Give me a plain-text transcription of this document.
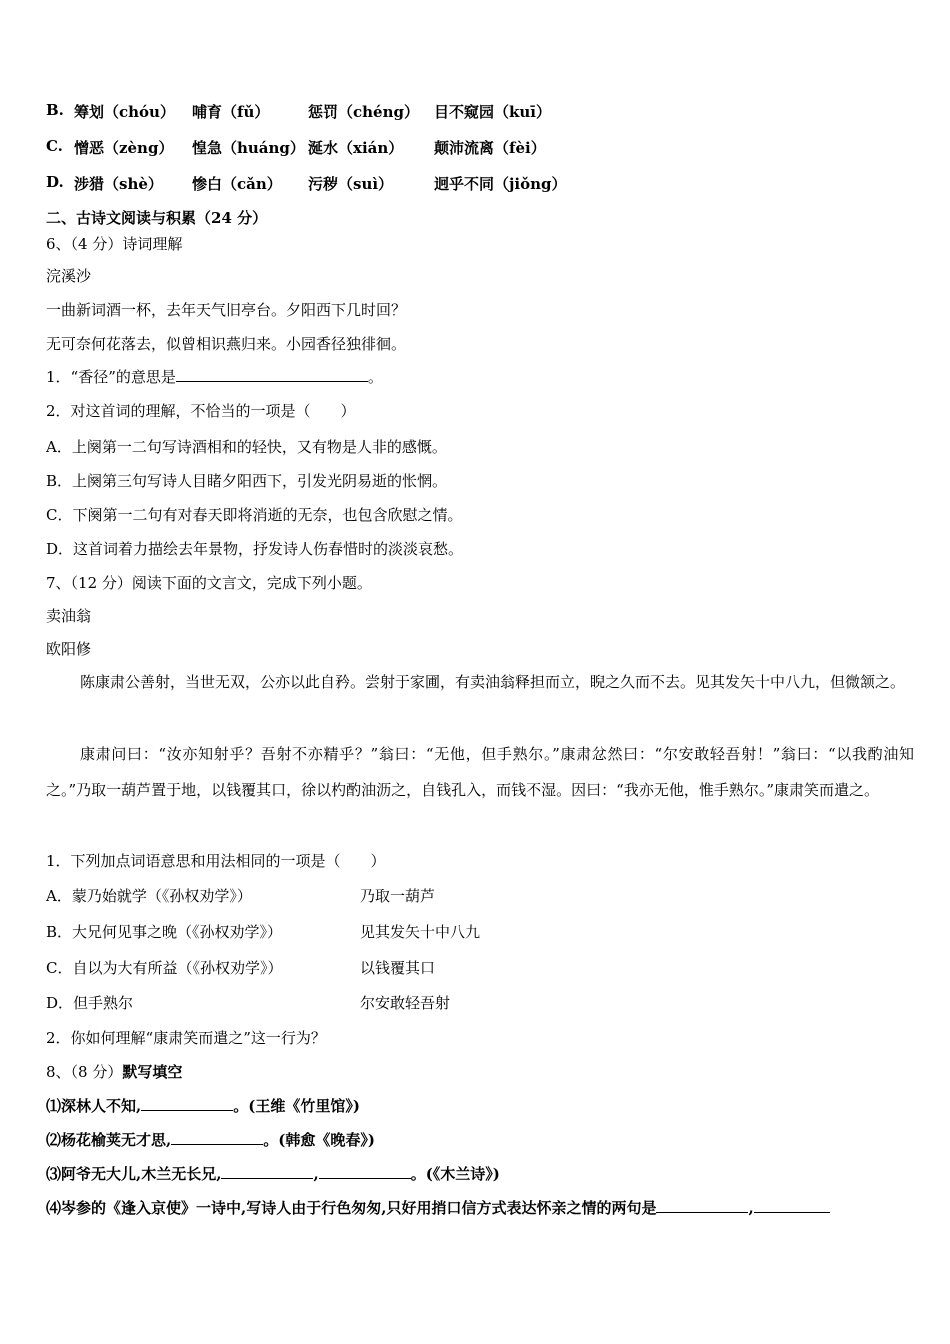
B. 筹划（chóu） 哺育（fǔ）	惩罚（chéng） 目不窥园（kuī）
C. 憎恶（zèng） 惶急（huáng） 涎水（xián） 颠沛流离（fèi）
D. 涉猎（shè） 惨白（cǎn） 污秽（suì）	迥乎不同（jiǒng）
二、古诗文阅读与积累（24 分）
6、（4 分）诗词理解
浣溪沙
一曲新词酒一杯，去年天气旧亭台。夕阳西下几时回？
无可奈何花落去，似曾相识燕归来。小园香径独徘徊。
1．“香径”的意思是	。
2．对这首词的理解，不恰当的一项是（　　）
A．上阕第一二句写诗酒相和的轻快，又有物是人非的感慨。
B．上阕第三句写诗人目睹夕阳西下，引发光阴易逝的怅惘。
C．下阕第一二句有对春天即将消逝的无奈，也包含欣慰之情。
D．这首词着力描绘去年景物，抒发诗人伤春惜时的淡淡哀愁。
7、（12 分）阅读下面的文言文，完成下列小题。
卖油翁
欧阳修
陈康肃公善射，当世无双，公亦以此自矜。尝射于家圃，有卖油翁释担而立，睨之久而不去。见其发矢十中八九，但微颔之。
康肃问曰：“汝亦知射乎？吾射不亦精乎？”翁曰：“无他，但手熟尔。”康肃忿然曰：“尔安敢轻吾射！”翁曰：“以我酌油知之。”乃取一葫芦置于地，以钱覆其口，徐以杓酌油沥之，自钱孔入，而钱不湿。因曰：“我亦无他，惟手熟尔。”康肃笑而遣之。
1．下列加点词语意思和用法相同的一项是（　　）
A．蒙乃始就学（《孙权劝学》）	乃取一葫芦
B．大兄何见事之晚（《孙权劝学》）	见其发矢十中八九
C．自以为大有所益（《孙权劝学》）	以钱覆其口
D．但手熟尔	尔安敢轻吾射
2．你如何理解“康肃笑而遣之”这一行为？
8、（8 分）默写填空
⑴深林人不知,	。(王维《竹里馆》)
⑵杨花榆荚无才思,	。(韩愈《晚春》)
⑶阿爷无大儿,木兰无长兄,	,	。(《木兰诗》)
⑷岑参的《逢入京使》一诗中,写诗人由于行色匆匆,只好用捎口信方式表达怀亲之情的两句是	,
